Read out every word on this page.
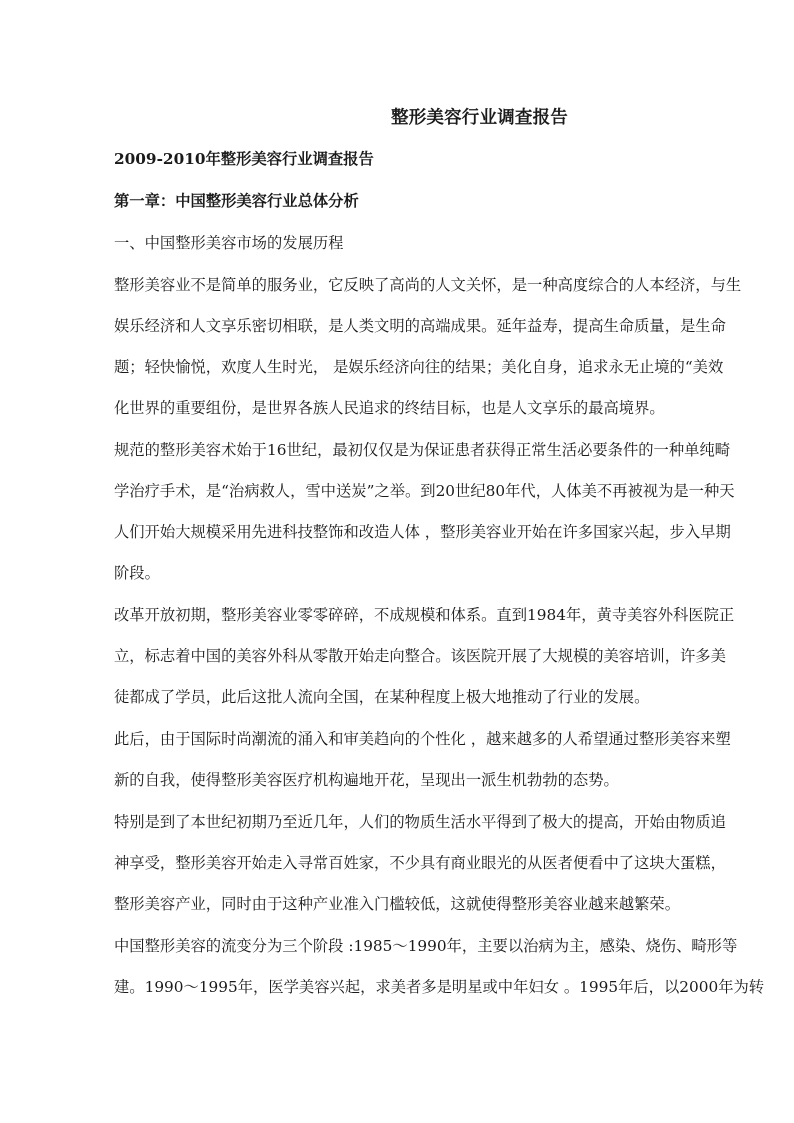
整形美容行业调查报告

2009-2010年整形美容行业调查报告

第一章：中国整形美容行业总体分析

一、中国整形美容市场的发展历程

整形美容业不是简单的服务业，它反映了高尚的人文关怀，是一种高度综合的人本经济，与生

娱乐经济和人文享乐密切相联，是人类文明的高端成果。延年益寿，提高生命质量，是生命

题；轻快愉悦，欢度人生时光， 是娱乐经济向往的结果；美化自身，追求永无止境的“美效

化世界的重要组份，是世界各族人民追求的终结目标，也是人文享乐的最高境界。

规范的整形美容术始于16世纪，最初仅仅是为保证患者获得正常生活必要条件的一种单纯畸

学治疗手术，是“治病救人，雪中送炭”之举。到20世纪80年代，人体美不再被视为是一种天

人们开始大规模采用先进科技整饰和改造人体 ，整形美容业开始在许多国家兴起，步入早期

阶段。

改革开放初期，整形美容业零零碎碎，不成规模和体系。直到1984年，黄寺美容外科医院正

立，标志着中国的美容外科从零散开始走向整合。该医院开展了大规模的美容培训，许多美

徒都成了学员，此后这批人流向全国，在某种程度上极大地推动了行业的发展。

此后，由于国际时尚潮流的涌入和审美趋向的个性化 ，越来越多的人希望通过整形美容来塑

新的自我，使得整形美容医疗机构遍地开花，呈现出一派生机勃勃的态势。

特别是到了本世纪初期乃至近几年，人们的物质生活水平得到了极大的提高，开始由物质追

神享受，整形美容开始走入寻常百姓家，不少具有商业眼光的从医者便看中了这块大蛋糕，

整形美容产业，同时由于这种产业准入门槛较低，这就使得整形美容业越来越繁荣。

中国整形美容的流变分为三个阶段 :1985～1990年，主要以治病为主，感染、烧伤、畸形等

建。1990～1995年，医学美容兴起，求美者多是明星或中年妇女 。1995年后，以2000年为转
